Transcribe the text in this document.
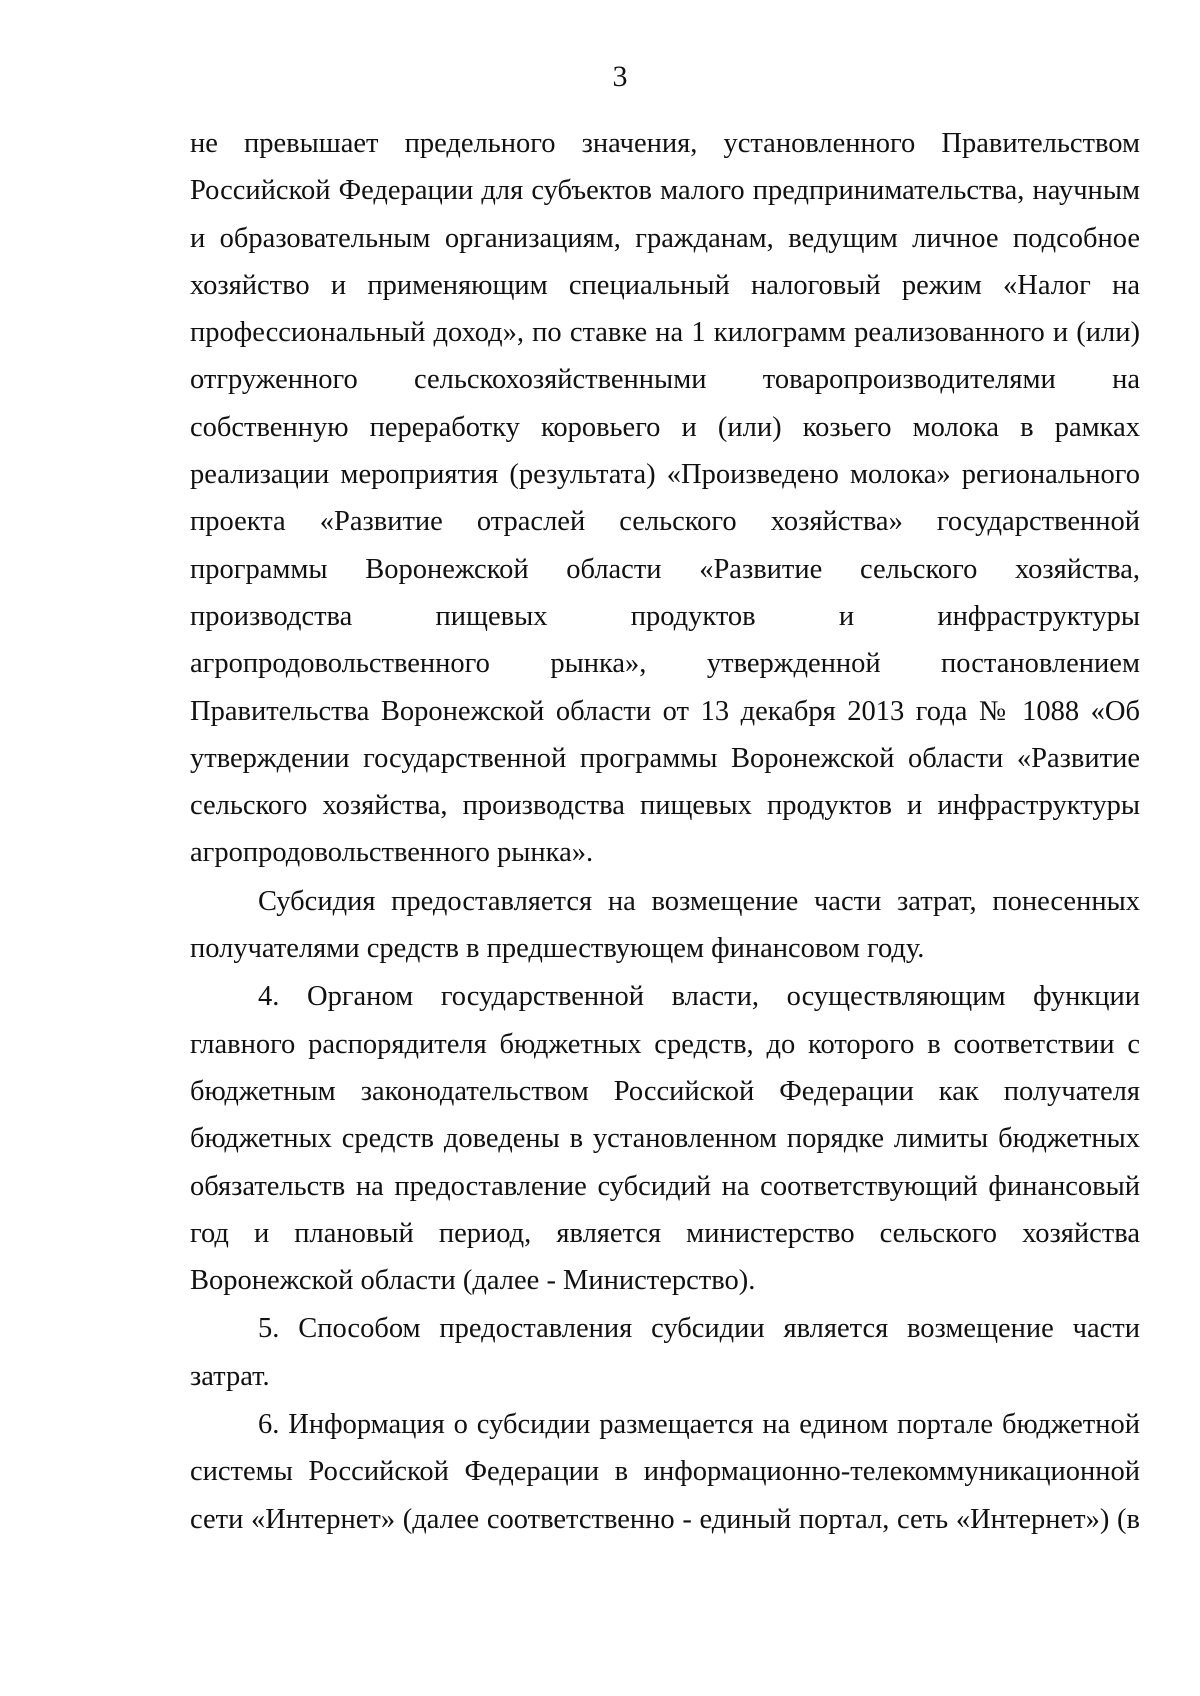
3
не превышает предельного значения, установленного Правительством
Российской Федерации для субъектов малого предпринимательства, научным
и образовательным организациям, гражданам, ведущим личное подсобное
хозяйство и применяющим специальный налоговый режим «Налог на
профессиональный доход», по ставке на 1 килограмм реализованного и (или)
отгруженного сельскохозяйственными товаропроизводителями на
собственную переработку коровьего и (или) козьего молока в рамках
реализации мероприятия (результата) «Произведено молока» регионального
проекта «Развитие отраслей сельского хозяйства» государственной
программы Воронежской области «Развитие сельского хозяйства,
производства пищевых продуктов и инфраструктуры
агропродовольственного рынка», утвержденной постановлением
Правительства Воронежской области от 13 декабря 2013 года № 1088 «Об
утверждении государственной программы Воронежской области «Развитие
сельского хозяйства, производства пищевых продуктов и инфраструктуры
агропродовольственного рынка».
Субсидия предоставляется на возмещение части затрат, понесенных
получателями средств в предшествующем финансовом году.
4. Органом государственной власти, осуществляющим функции
главного распорядителя бюджетных средств, до которого в соответствии с
бюджетным законодательством Российской Федерации как получателя
бюджетных средств доведены в установленном порядке лимиты бюджетных
обязательств на предоставление субсидий на соответствующий финансовый
год и плановый период, является министерство сельского хозяйства
Воронежской области (далее - Министерство).
5. Способом предоставления субсидии является возмещение части
затрат.
6. Информация о субсидии размещается на едином портале бюджетной
системы Российской Федерации в информационно-телекоммуникационной
сети «Интернет» (далее соответственно - единый портал, сеть «Интернет») (в
